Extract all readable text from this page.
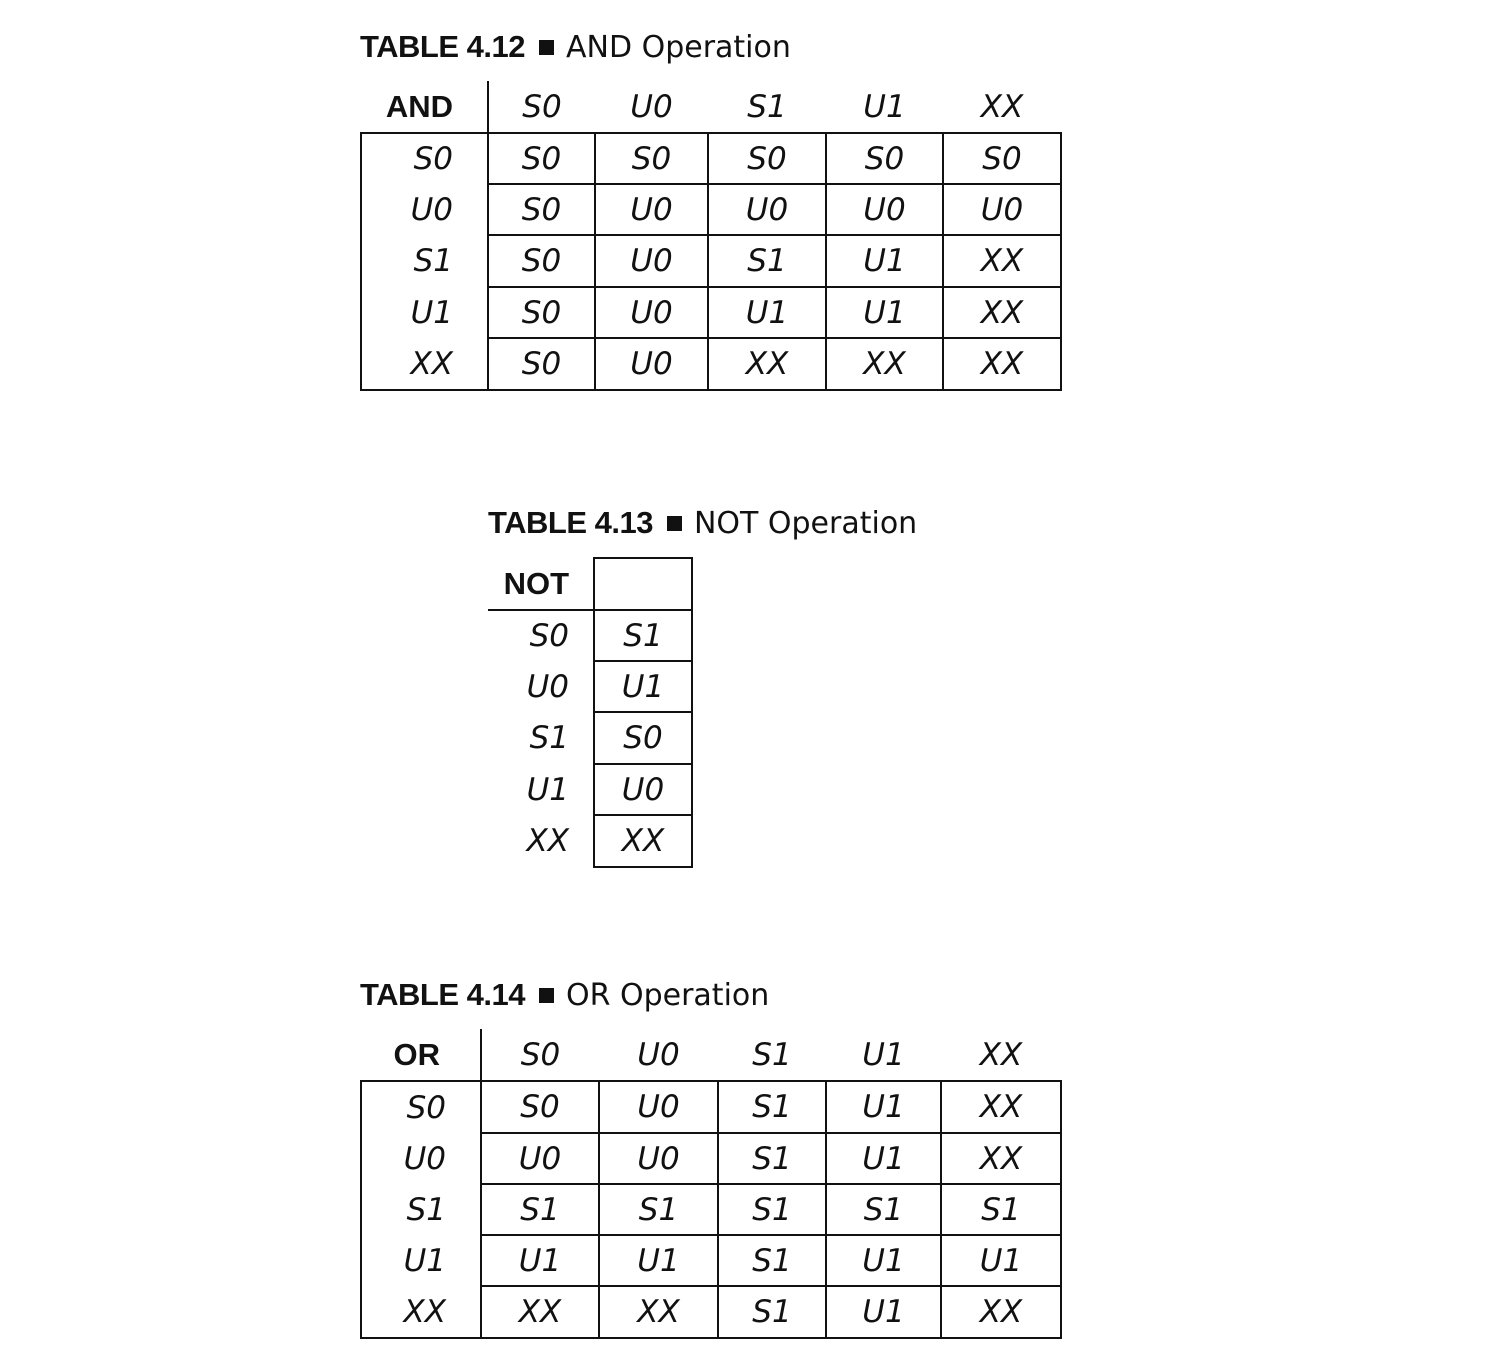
TABLE 4.12 AND Operation
AND	S0	U0	S1	U1	XX
S0	S0	S0	S0	S0	S0
U0	S0	U0	U0	U0	U0
S1	S0	U0	S1	U1	XX
U1	S0	U0	U1	U1	XX
XX	S0	U0	XX	XX	XX
TABLE 4.13 NOT Operation
NOT	
S0	S1
U0	U1
S1	S0
U1	U0
XX	XX
TABLE 4.14 OR Operation
OR	S0	U0	S1	U1	XX
S0	S0	U0	S1	U1	XX
U0	U0	U0	S1	U1	XX
S1	S1	S1	S1	S1	S1
U1	U1	U1	S1	U1	U1
XX	XX	XX	S1	U1	XX
